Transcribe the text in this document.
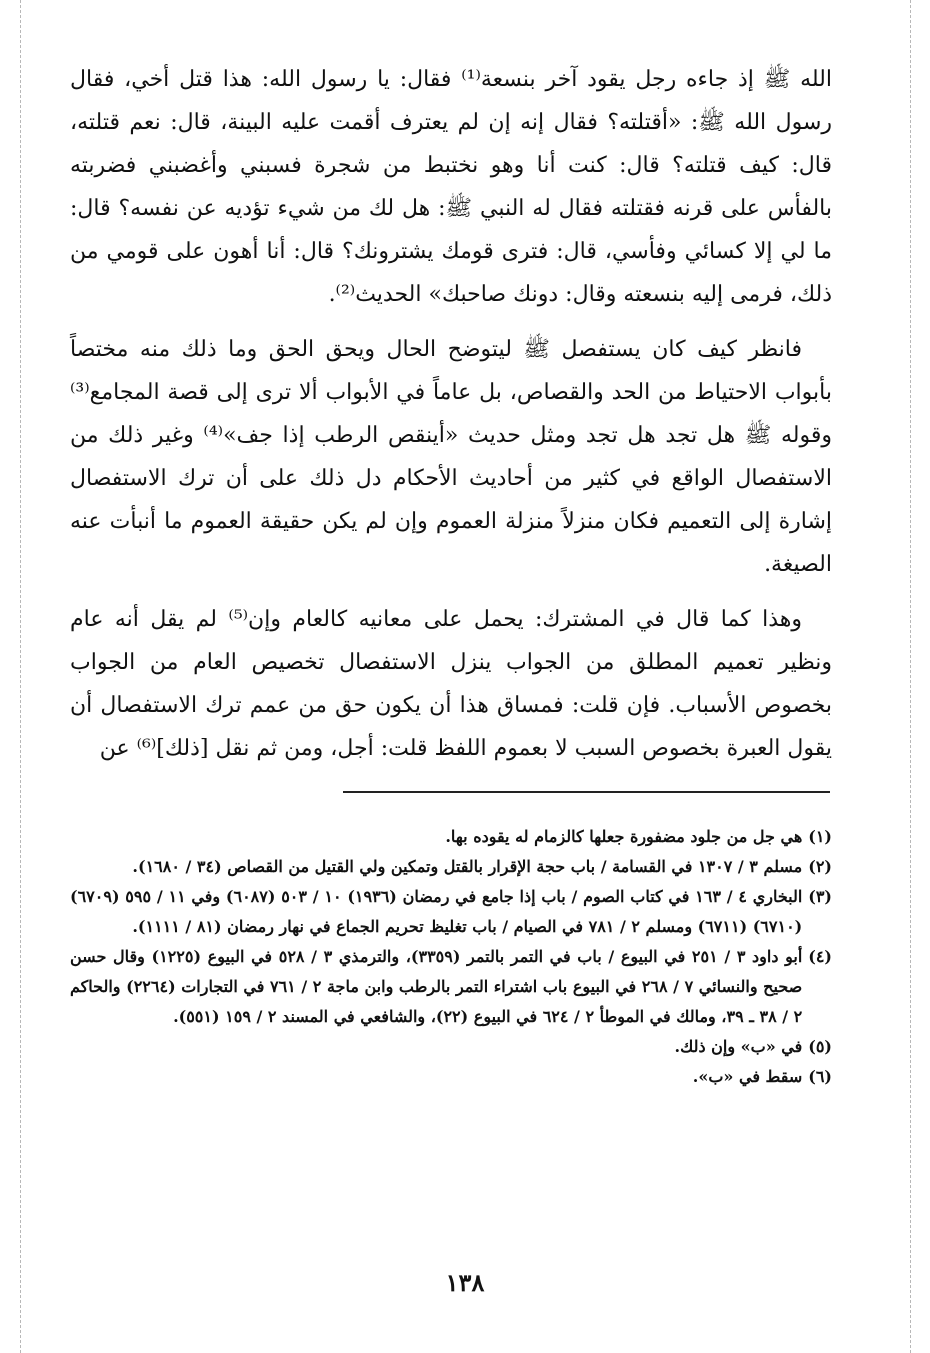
الله ﷺ إذ جاءه رجل يقود آخر بنسعة⁽¹⁾ فقال: يا رسول الله: هذا قتل أخي، فقال رسول الله ﷺ: «أقتلته؟ فقال إنه إن لم يعترف أقمت عليه البينة، قال: نعم قتلته، قال: كيف قتلته؟ قال: كنت أنا وهو نختبط من شجرة فسبني وأغضبني فضربته بالفأس على قرنه فقتلته فقال له النبي ﷺ: هل لك من شيء تؤديه عن نفسه؟ قال: ما لي إلا كسائي وفأسي، قال: فترى قومك يشترونك؟ قال: أنا أهون على قومي من ذلك، فرمى إليه بنسعته وقال: دونك صاحبك» الحديث⁽²⁾.

فانظر كيف كان يستفصل ﷺ ليتوضح الحال ويحق الحق وما ذلك منه مختصاً بأبواب الاحتياط من الحد والقصاص، بل عاماً في الأبواب ألا ترى إلى قصة المجامع⁽³⁾ وقوله ﷺ هل تجد هل تجد ومثل حديث «أينقص الرطب إذا جف»⁽⁴⁾ وغير ذلك من الاستفصال الواقع في كثير من أحاديث الأحكام دل ذلك على أن ترك الاستفصال إشارة إلى التعميم فكان منزلاً منزلة العموم وإن لم يكن حقيقة العموم ما أنبأت عنه الصيغة.

وهذا كما قال في المشترك: يحمل على معانيه كالعام وإن⁽⁵⁾ لم يقل أنه عام ونظير تعميم المطلق من الجواب ينزل الاستفصال تخصيص العام من الجواب بخصوص الأسباب. فإن قلت: فمساق هذا أن يكون حق من عمم ترك الاستفصال أن يقول العبرة بخصوص السبب لا بعموم اللفظ قلت: أجل، ومن ثم نقل [ذلك]⁽⁶⁾ عن

(١)
هي جل من جلود مضفورة جعلها كالزمام له يقوده بها.
(٢)
مسلم ٣ / ١٣٠٧ في القسامة / باب حجة الإقرار بالقتل وتمكين ولي القتيل من القصاص (٣٤ / ١٦٨٠).
(٣)
البخاري ٤ / ١٦٣ في كتاب الصوم / باب إذا جامع في رمضان (١٩٣٦) ١٠ / ٥٠٣ (٦٠٨٧) وفي ١١ / ٥٩٥ (٦٧٠٩) (٦٧١٠) (٦٧١١) ومسلم ٢ / ٧٨١ في الصيام / باب تغليظ تحريم الجماع في نهار رمضان (٨١ / ١١١١).
(٤)
أبو داود ٣ / ٢٥١ في البيوع / باب في التمر بالتمر (٣٣٥٩)، والترمذي ٣ / ٥٢٨ في البيوع (١٢٢٥) وقال حسن صحيح والنسائي ٧ / ٢٦٨ في البيوع باب اشتراء التمر بالرطب وابن ماجة ٢ / ٧٦١ في التجارات (٢٢٦٤) والحاكم ٢ / ٣٨ ـ ٣٩، ومالك في الموطأ ٢ / ٦٢٤ في البيوع (٢٢)، والشافعي في المسند ٢ / ١٥٩ (٥٥١).
(٥)
في «ب» وإن ذلك.
(٦)
سقط في «ب».
١٣٨
